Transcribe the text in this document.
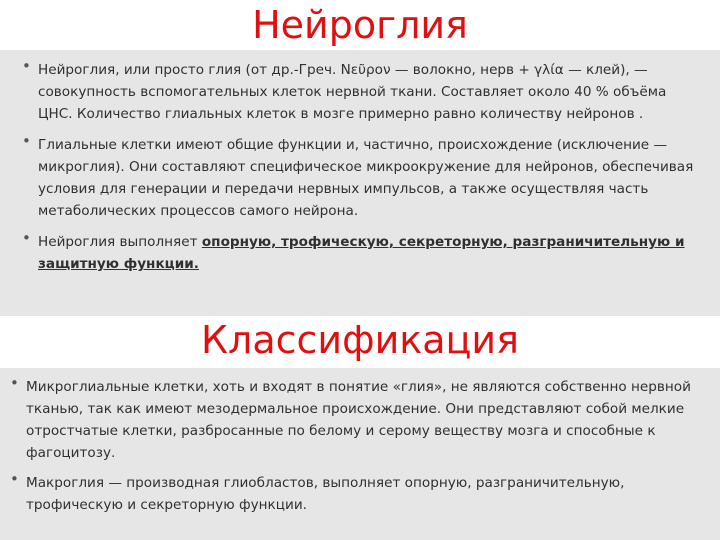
Нейроглия
• Нейроглия, или просто глия (от др.-Греч. Νεῦρον — волокно, нерв + γλία — клей), — совокупность вспомогательных клеток нервной ткани. Составляет около 40 % объёма ЦНС. Количество глиальных клеток в мозге примерно равно количеству нейронов .
• Глиальные клетки имеют общие функции и, частично, происхождение (исключение — микроглия). Они составляют специфическое микроокружение для нейронов, обеспечивая условия для генерации и передачи нервных импульсов, а также осуществляя часть метаболических процессов самого нейрона.
• Нейроглия выполняет опорную, трофическую, секреторную, разграничительную и защитную функции.
Классификация
• Микроглиальные клетки, хоть и входят в понятие «глия», не являются собственно нервной тканью, так как имеют мезодермальное происхождение. Они представляют собой мелкие отростчатые клетки, разбросанные по белому и серому веществу мозга и способные к фагоцитозу.
• Макроглия — производная глиобластов, выполняет опорную, разграничительную, трофическую и секреторную функции.
